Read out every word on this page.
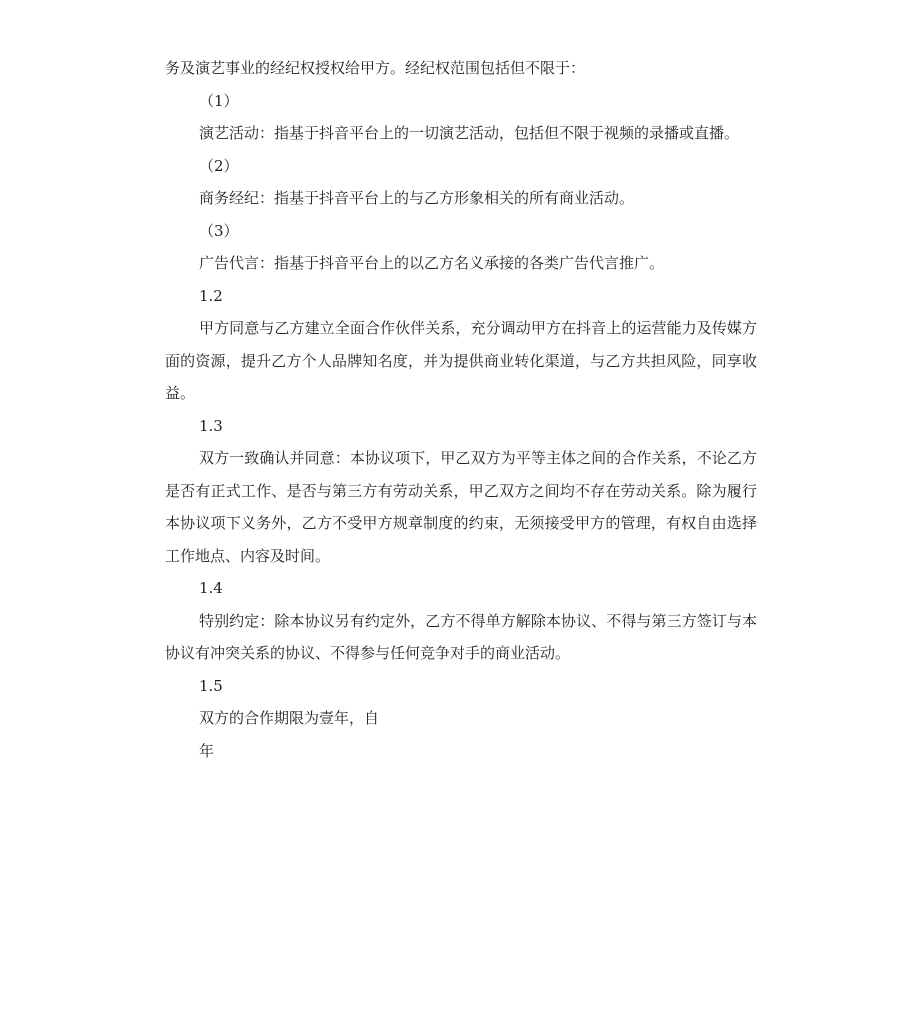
务及演艺事业的经纪权授权给甲方。经纪权范围包括但不限于：

（1）

演艺活动：指基于抖音平台上的一切演艺活动，包括但不限于视频的录播或直播。

（2）

商务经纪：指基于抖音平台上的与乙方形象相关的所有商业活动。

（3）

广告代言：指基于抖音平台上的以乙方名义承接的各类广告代言推广。

1.2

甲方同意与乙方建立全面合作伙伴关系，充分调动甲方在抖音上的运营能力及传媒方面的资源，提升乙方个人品牌知名度，并为提供商业转化渠道，与乙方共担风险，同享收益。

1.3

双方一致确认并同意：本协议项下，甲乙双方为平等主体之间的合作关系，不论乙方是否有正式工作、是否与第三方有劳动关系，甲乙双方之间均不存在劳动关系。除为履行本协议项下义务外，乙方不受甲方规章制度的约束，无须接受甲方的管理，有权自由选择工作地点、内容及时间。

1.4

特别约定：除本协议另有约定外，乙方不得单方解除本协议、不得与第三方签订与本协议有冲突关系的协议、不得参与任何竞争对手的商业活动。

1.5

双方的合作期限为壹年，自

年
